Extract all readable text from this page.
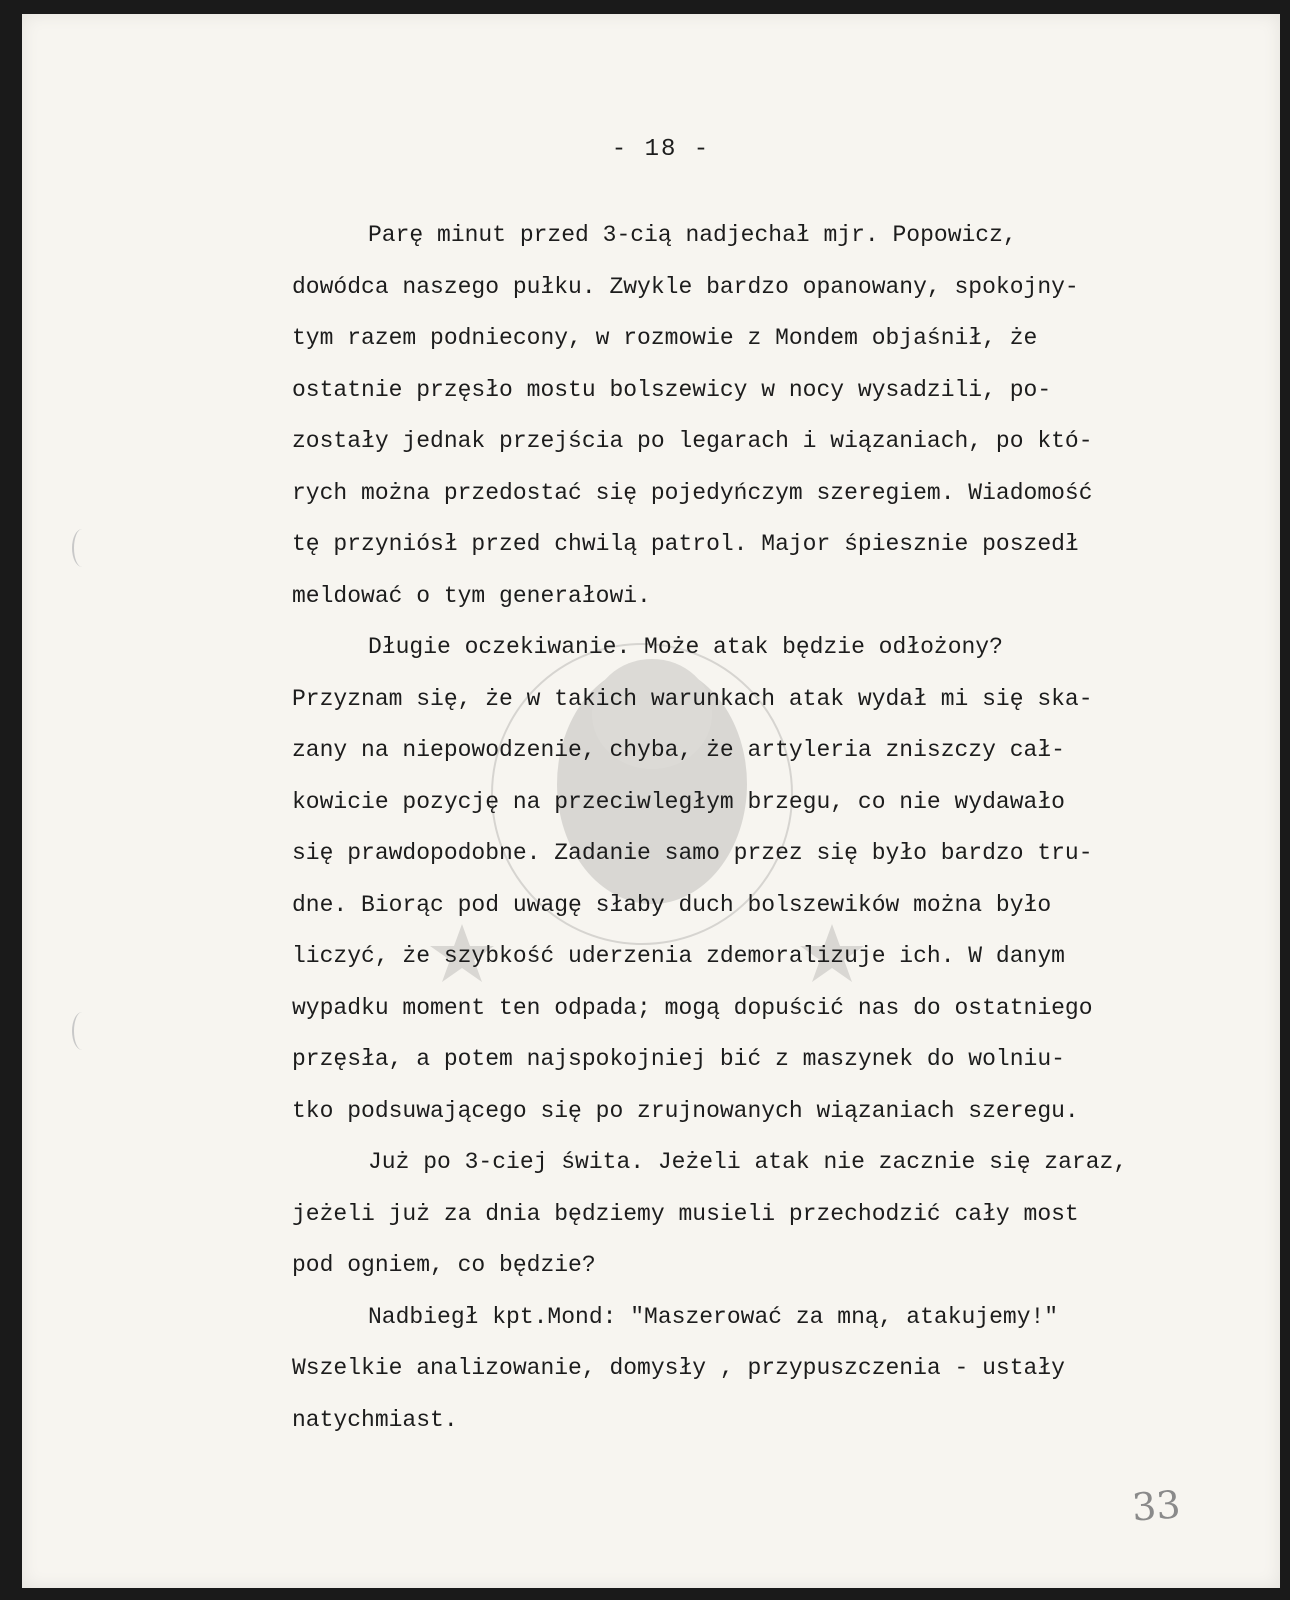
- 18 -
Parę minut przed 3-cią nadjechał mjr. Popowicz,
dowódca naszego pułku. Zwykle bardzo opanowany, spokojny-
tym razem podniecony, w rozmowie z Mondem objaśnił, że
ostatnie przęsło mostu bolszewicy w nocy wysadzili, po-
zostały jednak przejścia po legarach i wiązaniach, po któ-
rych można przedostać się pojedyńczym szeregiem. Wiadomość
tę przyniósł przed chwilą patrol. Major śpiesznie poszedł
meldować o tym generałowi.
Długie oczekiwanie. Może atak będzie odłożony?
Przyznam się, że w takich warunkach atak wydał mi się ska-
zany na niepowodzenie, chyba, że artyleria zniszczy cał-
kowicie pozycję na przeciwległym brzegu, co nie wydawało
się prawdopodobne. Zadanie samo przez się było bardzo tru-
dne. Biorąc pod uwagę słaby duch bolszewików można było
liczyć, że szybkość uderzenia zdemoralizuje ich. W danym
wypadku moment ten odpada; mogą dopuścić nas do ostatniego
przęsła, a potem najspokojniej bić z maszynek do wolniu-
tko podsuwającego się po zrujnowanych wiązaniach szeregu.
Już po 3-ciej świta. Jeżeli atak nie zacznie się zaraz,
jeżeli już za dnia będziemy musieli przechodzić cały most
pod ogniem, co będzie?
Nadbiegł kpt.Mond: "Maszerować za mną, atakujemy!"
Wszelkie analizowanie, domysły , przypuszczenia - ustały
natychmiast.
33
